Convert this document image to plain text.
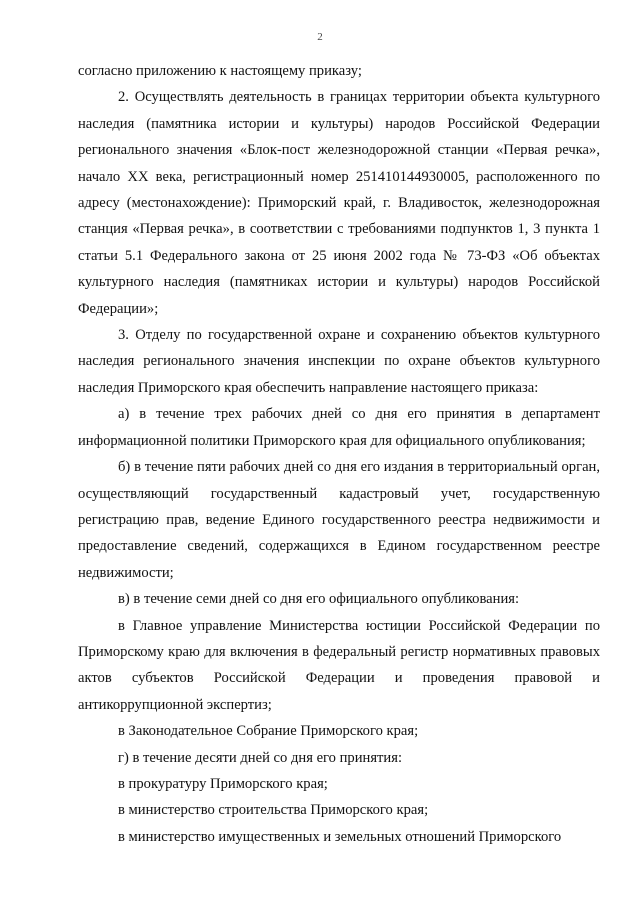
2

согласно приложению к настоящему приказу;

2. Осуществлять деятельность в границах территории объекта культурного наследия (памятника истории и культуры) народов Российской Федерации регионального значения «Блок-пост железнодорожной станции «Первая речка», начало XX века, регистрационный номер 251410144930005, расположенного по адресу (местонахождение): Приморский край, г. Владивосток, железнодорожная станция «Первая речка», в соответствии с требованиями подпунктов 1, 3 пункта 1 статьи 5.1 Федерального закона от 25 июня 2002 года № 73-ФЗ «Об объектах культурного наследия (памятниках истории и культуры) народов Российской Федерации»;

3. Отделу по государственной охране и сохранению объектов культурного наследия регионального значения инспекции по охране объектов культурного наследия Приморского края обеспечить направление настоящего приказа:

а) в течение трех рабочих дней со дня его принятия в департамент информационной политики Приморского края для официального опубликования;

б) в течение пяти рабочих дней со дня его издания в территориальный орган, осуществляющий государственный кадастровый учет, государственную регистрацию прав, ведение Единого государственного реестра недвижимости и предоставление сведений, содержащихся в Едином государственном реестре недвижимости;

в) в течение семи дней со дня его официального опубликования:

в Главное управление Министерства юстиции Российской Федерации по Приморскому краю для включения в федеральный регистр нормативных правовых актов субъектов Российской Федерации и проведения правовой и антикоррупционной экспертиз;

в Законодательное Собрание Приморского края;

г) в течение десяти дней со дня его принятия:

в прокуратуру Приморского края;

в министерство строительства Приморского края;

в министерство имущественных и земельных отношений Приморского
